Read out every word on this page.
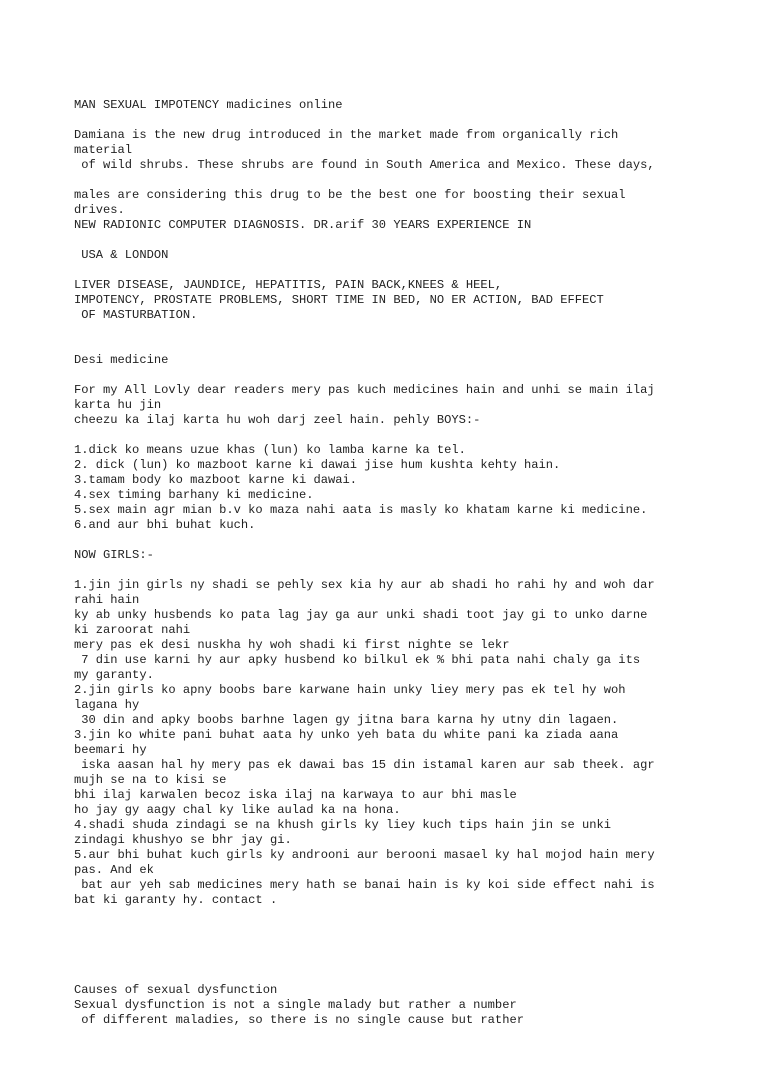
MAN SEXUAL IMPOTENCY madicines online
Damiana is the new drug introduced in the market made from organically rich
material
of wild shrubs. These shrubs are found in South America and Mexico. These days,
males are considering this drug to be the best one for boosting their sexual
drives.
NEW RADIONIC COMPUTER DIAGNOSIS. DR.arif 30 YEARS EXPERIENCE IN
USA & LONDON
LIVER DISEASE, JAUNDICE, HEPATITIS, PAIN BACK,KNEES & HEEL,
IMPOTENCY, PROSTATE PROBLEMS, SHORT TIME IN BED, NO ER ACTION, BAD EFFECT
OF MASTURBATION.
Desi medicine
For my All Lovly dear readers mery pas kuch medicines hain and unhi se main ilaj
karta hu jin
cheezu ka ilaj karta hu woh darj zeel hain. pehly BOYS:-
1.dick ko means uzue khas (lun) ko lamba karne ka tel.
2. dick (lun) ko mazboot karne ki dawai jise hum kushta kehty hain.
3.tamam body ko mazboot karne ki dawai.
4.sex timing barhany ki medicine.
5.sex main agr mian b.v ko maza nahi aata is masly ko khatam karne ki medicine.
6.and aur bhi buhat kuch.
NOW GIRLS:-
1.jin jin girls ny shadi se pehly sex kia hy aur ab shadi ho rahi hy and woh dar
rahi hain
ky ab unky husbends ko pata lag jay ga aur unki shadi toot jay gi to unko darne
ki zaroorat nahi
mery pas ek desi nuskha hy woh shadi ki first nighte se lekr
7 din use karni hy aur apky husbend ko bilkul ek % bhi pata nahi chaly ga its
my garanty.
2.jin girls ko apny boobs bare karwane hain unky liey mery pas ek tel hy woh
lagana hy
30 din and apky boobs barhne lagen gy jitna bara karna hy utny din lagaen.
3.jin ko white pani buhat aata hy unko yeh bata du white pani ka ziada aana
beemari hy
iska aasan hal hy mery pas ek dawai bas 15 din istamal karen aur sab theek. agr
mujh se na to kisi se
bhi ilaj karwalen becoz iska ilaj na karwaya to aur bhi masle
ho jay gy aagy chal ky like aulad ka na hona.
4.shadi shuda zindagi se na khush girls ky liey kuch tips hain jin se unki
zindagi khushyo se bhr jay gi.
5.aur bhi buhat kuch girls ky androoni aur berooni masael ky hal mojod hain mery
pas. And ek
bat aur yeh sab medicines mery hath se banai hain is ky koi side effect nahi is
bat ki garanty hy. contact .
Causes of sexual dysfunction
Sexual dysfunction is not a single malady but rather a number
of different maladies, so there is no single cause but rather
